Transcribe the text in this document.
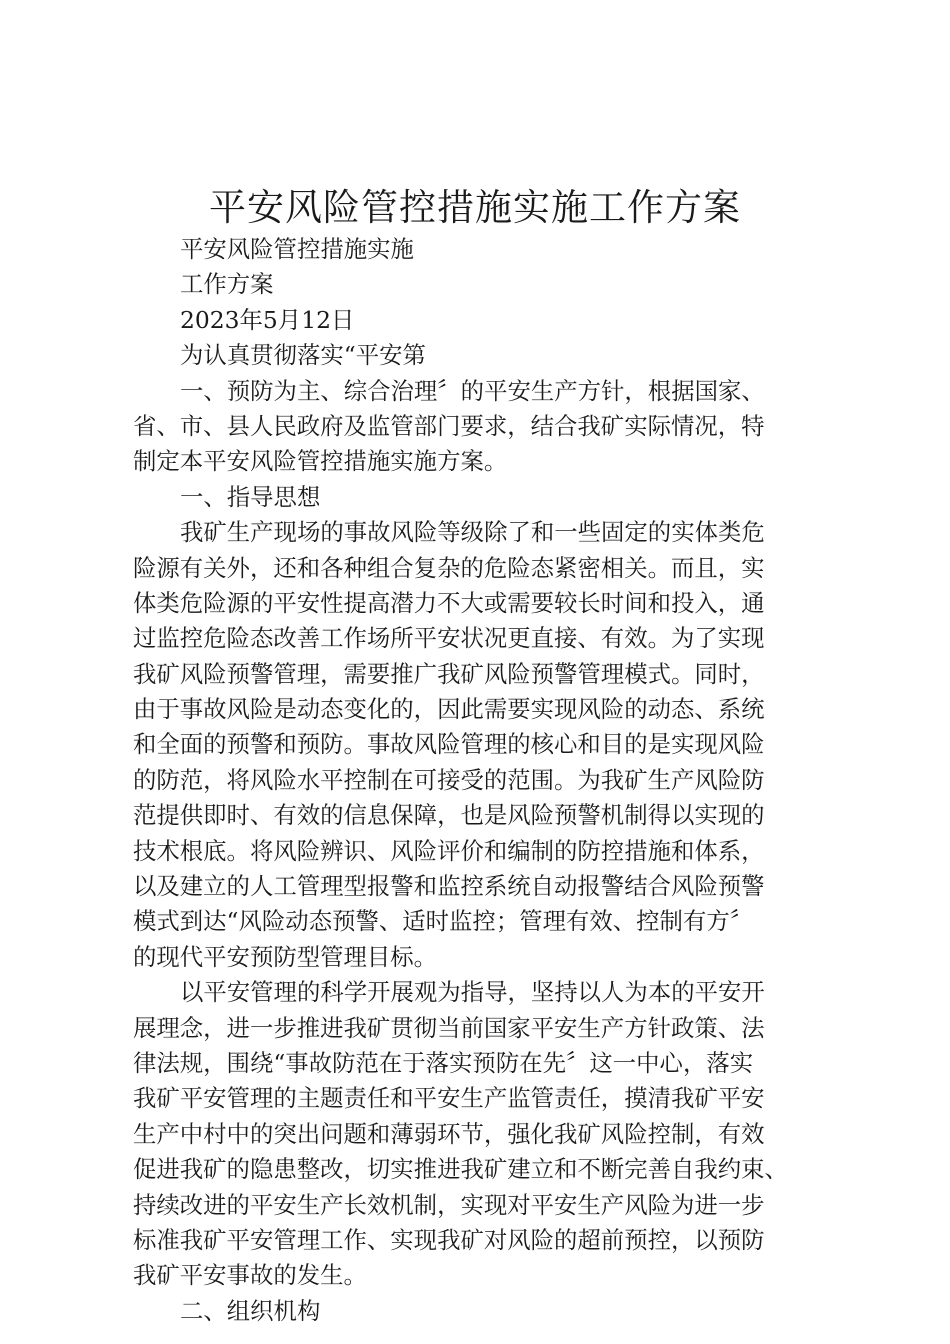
平安风险管控措施实施工作方案
平安风险管控措施实施
工作方案
2023年5月12日
为认真贯彻落实“平安第
一、预防为主、综合治理〞的平安生产方针，根据国家、
省、市、县人民政府及监管部门要求，结合我矿实际情况，特
制定本平安风险管控措施实施方案。
一、指导思想
我矿生产现场的事故风险等级除了和一些固定的实体类危
险源有关外，还和各种组合复杂的危险态紧密相关。而且，实
体类危险源的平安性提高潜力不大或需要较长时间和投入，通
过监控危险态改善工作场所平安状况更直接、有效。为了实现
我矿风险预警管理，需要推广我矿风险预警管理模式。同时，
由于事故风险是动态变化的，因此需要实现风险的动态、系统
和全面的预警和预防。事故风险管理的核心和目的是实现风险
的防范，将风险水平控制在可接受的范围。为我矿生产风险防
范提供即时、有效的信息保障，也是风险预警机制得以实现的
技术根底。将风险辨识、风险评价和编制的防控措施和体系，
以及建立的人工管理型报警和监控系统自动报警结合风险预警
模式到达“风险动态预警、适时监控；管理有效、控制有方〞
的现代平安预防型管理目标。
以平安管理的科学开展观为指导，坚持以人为本的平安开
展理念，进一步推进我矿贯彻当前国家平安生产方针政策、法
律法规，围绕“事故防范在于落实预防在先〞这一中心，落实
我矿平安管理的主题责任和平安生产监管责任，摸清我矿平安
生产中村中的突出问题和薄弱环节，强化我矿风险控制，有效
促进我矿的隐患整改，切实推进我矿建立和不断完善自我约束、
持续改进的平安生产长效机制，实现对平安生产风险为进一步
标准我矿平安管理工作、实现我矿对风险的超前预控，以预防
我矿平安事故的发生。
二、组织机构
